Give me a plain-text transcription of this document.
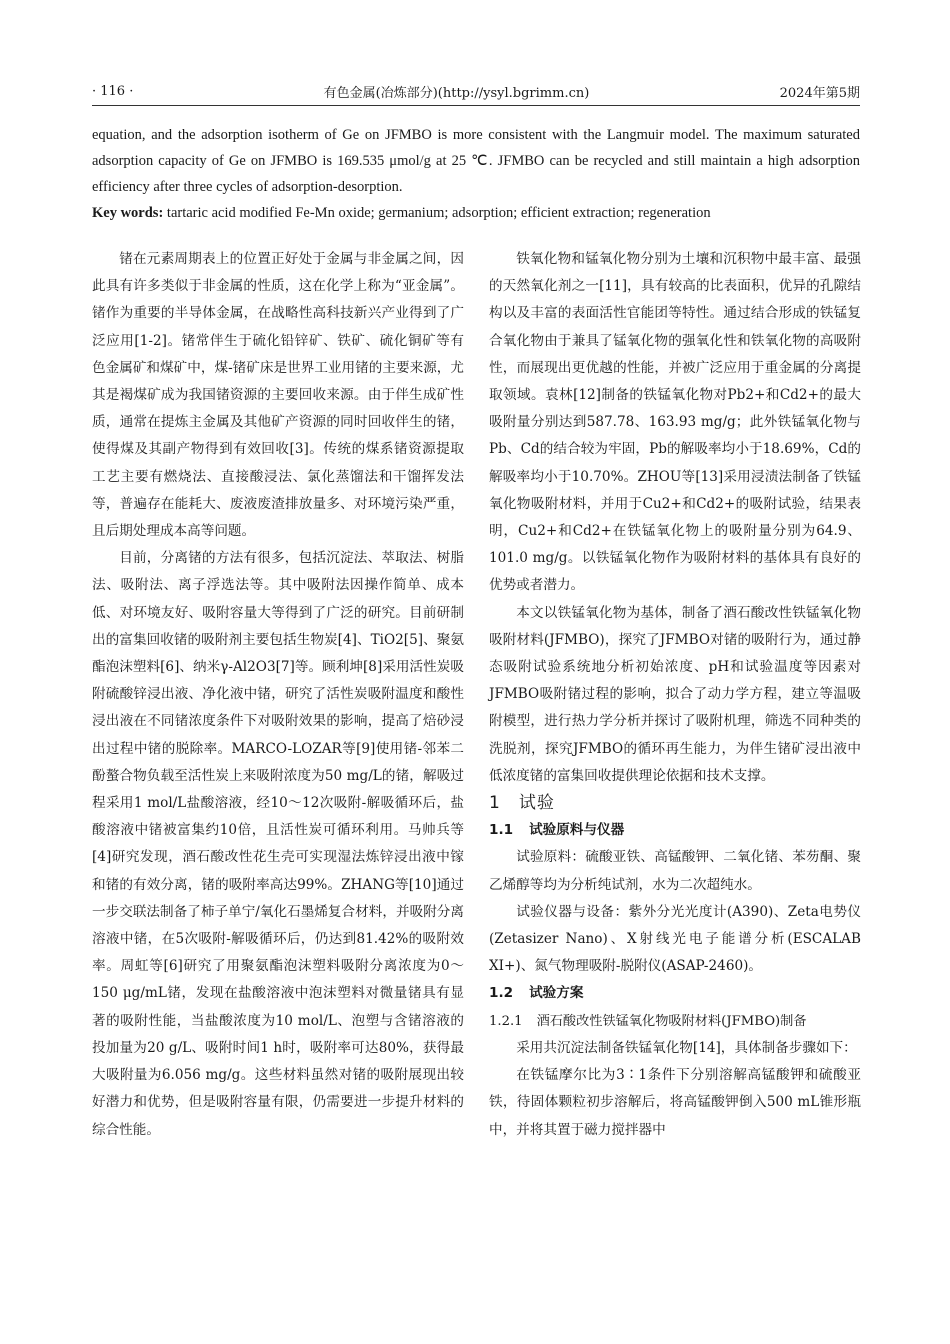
· 116 ·	有色金属(冶炼部分)(http://ysyl.bgrimm.cn)	2024年第5期

equation, and the adsorption isotherm of Ge on JFMBO is more consistent with the Langmuir model. The maximum saturated adsorption capacity of Ge on JFMBO is 169.535 μmol/g at 25 ℃. JFMBO can be recycled and still maintain a high adsorption efficiency after three cycles of adsorption-desorption.

Key words: tartaric acid modified Fe-Mn oxide; germanium; adsorption; efficient extraction; regeneration

锗在元素周期表上的位置正好处于金属与非金属之间，因此具有许多类似于非金属的性质，这在化学上称为“亚金属”。锗作为重要的半导体金属，在战略性高科技新兴产业得到了广泛应用[1-2]。锗常伴生于硫化铅锌矿、铁矿、硫化铜矿等有色金属矿和煤矿中，煤-锗矿床是世界工业用锗的主要来源，尤其是褐煤矿成为我国锗资源的主要回收来源。由于伴生成矿性质，通常在提炼主金属及其他矿产资源的同时回收伴生的锗，使得煤及其副产物得到有效回收[3]。传统的煤系锗资源提取工艺主要有燃烧法、直接酸浸法、氯化蒸馏法和干馏挥发法等，普遍存在能耗大、废液废渣排放量多、对环境污染严重，且后期处理成本高等问题。

目前，分离锗的方法有很多，包括沉淀法、萃取法、树脂法、吸附法、离子浮选法等。其中吸附法因操作简单、成本低、对环境友好、吸附容量大等得到了广泛的研究。目前研制出的富集回收锗的吸附剂主要包括生物炭[4]、TiO2[5]、聚氨酯泡沫塑料[6]、纳米γ-Al2O3[7]等。顾利坤[8]采用活性炭吸附硫酸锌浸出液、净化液中锗，研究了活性炭吸附温度和酸性浸出液在不同锗浓度条件下对吸附效果的影响，提高了焙砂浸出过程中锗的脱除率。MARCO-LOZAR等[9]使用锗-邻苯二酚螯合物负载至活性炭上来吸附浓度为50 mg/L的锗，解吸过程采用1 mol/L盐酸溶液，经10～12次吸附-解吸循环后，盐酸溶液中锗被富集约10倍，且活性炭可循环利用。马帅兵等[4]研究发现，酒石酸改性花生壳可实现湿法炼锌浸出液中镓和锗的有效分离，锗的吸附率高达99%。ZHANG等[10]通过一步交联法制备了柿子单宁/氧化石墨烯复合材料，并吸附分离溶液中锗，在5次吸附-解吸循环后，仍达到81.42%的吸附效率。周虹等[6]研究了用聚氨酯泡沫塑料吸附分离浓度为0～150 μg/mL锗，发现在盐酸溶液中泡沫塑料对微量锗具有显著的吸附性能，当盐酸浓度为10 mol/L、泡塑与含锗溶液的投加量为20 g/L、吸附时间1 h时，吸附率可达80%，获得最大吸附量为6.056 mg/g。这些材料虽然对锗的吸附展现出较好潜力和优势，但是吸附容量有限，仍需要进一步提升材料的综合性能。

铁氧化物和锰氧化物分别为土壤和沉积物中最丰富、最强的天然氧化剂之一[11]，具有较高的比表面积，优异的孔隙结构以及丰富的表面活性官能团等特性。通过结合形成的铁锰复合氧化物由于兼具了锰氧化物的强氧化性和铁氧化物的高吸附性，而展现出更优越的性能，并被广泛应用于重金属的分离提取领域。袁林[12]制备的铁锰氧化物对Pb2+和Cd2+的最大吸附量分别达到587.78、163.93 mg/g；此外铁锰氧化物与Pb、Cd的结合较为牢固，Pb的解吸率均小于18.69%，Cd的解吸率均小于10.70%。ZHOU等[13]采用浸渍法制备了铁锰氧化物吸附材料，并用于Cu2+和Cd2+的吸附试验，结果表明，Cu2+和Cd2+在铁锰氧化物上的吸附量分别为64.9、101.0 mg/g。以铁锰氧化物作为吸附材料的基体具有良好的优势或者潜力。

本文以铁锰氧化物为基体，制备了酒石酸改性铁锰氧化物吸附材料(JFMBO)，探究了JFMBO对锗的吸附行为，通过静态吸附试验系统地分析初始浓度、pH和试验温度等因素对JFMBO吸附锗过程的影响，拟合了动力学方程，建立等温吸附模型，进行热力学分析并探讨了吸附机理，筛选不同种类的洗脱剂，探究JFMBO的循环再生能力，为伴生锗矿浸出液中低浓度锗的富集回收提供理论依据和技术支撑。

1 试验

1.1 试验原料与仪器

试验原料：硫酸亚铁、高锰酸钾、二氧化锗、苯芴酮、聚乙烯醇等均为分析纯试剂，水为二次超纯水。

试验仪器与设备：紫外分光光度计(A390)、Zeta电势仪(Zetasizer Nano)、X射线光电子能谱分析(ESCALAB XI+)、氮气物理吸附-脱附仪(ASAP-2460)。

1.2 试验方案

1.2.1 酒石酸改性铁锰氧化物吸附材料(JFMBO)制备

采用共沉淀法制备铁锰氧化物[14]，具体制备步骤如下：

在铁锰摩尔比为3∶1条件下分别溶解高锰酸钾和硫酸亚铁，待固体颗粒初步溶解后，将高锰酸钾倒入500 mL锥形瓶中，并将其置于磁力搅拌器中
